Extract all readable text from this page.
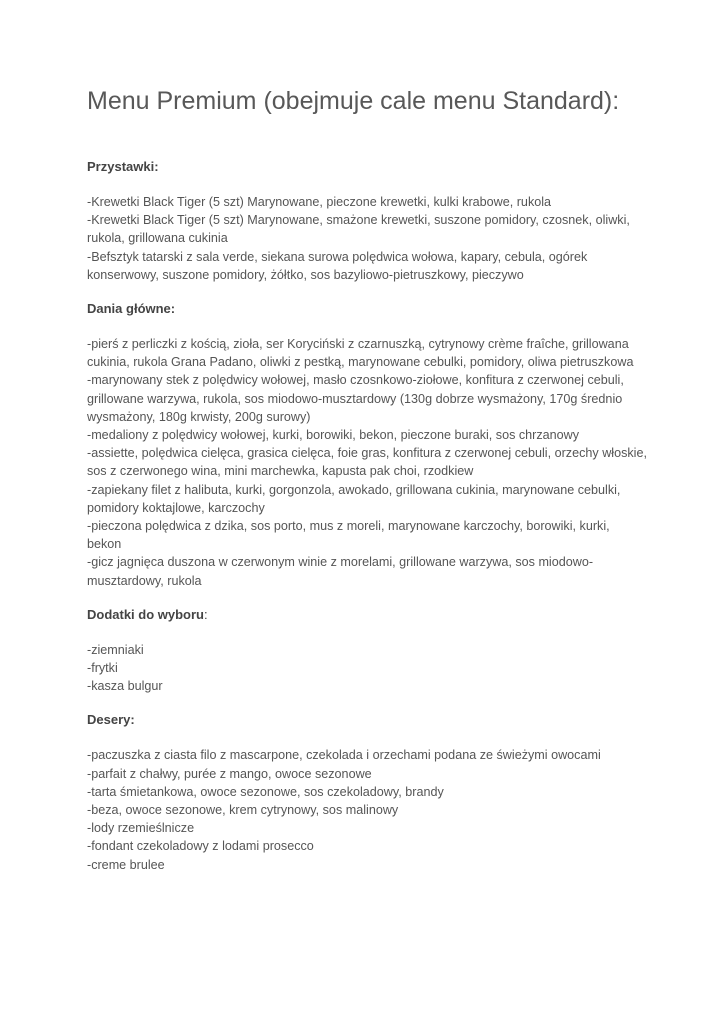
Menu Premium (obejmuje cale menu Standard):
Przystawki:
-Krewetki Black Tiger (5 szt) Marynowane, pieczone krewetki, kulki krabowe, rukola
-Krewetki Black Tiger (5 szt) Marynowane, smażone krewetki, suszone pomidory, czosnek, oliwki, rukola, grillowana cukinia
-Befsztyk tatarski z sala verde, siekana surowa polędwica wołowa, kapary, cebula, ogórek konserwowy, suszone pomidory, żółtko, sos bazyliowo-pietruszkowy, pieczywo
Dania główne:
-pierś z perliczki z kością, zioła, ser Koryciński z czarnuszką, cytrynowy crème fraîche, grillowana cukinia, rukola Grana Padano, oliwki z pestką, marynowane cebulki, pomidory, oliwa pietruszkowa
-marynowany stek z polędwicy wołowej, masło czosnkowo-ziołowe, konfitura z czerwonej cebuli, grillowane warzywa, rukola, sos miodowo-musztardowy (130g dobrze wysmażony, 170g średnio wysmażony, 180g krwisty, 200g surowy)
-medaliony z polędwicy wołowej, kurki, borowiki, bekon, pieczone buraki, sos chrzanowy
-assiette, polędwica cielęca, grasica cielęca, foie gras, konfitura z czerwonej cebuli, orzechy włoskie, sos z czerwonego wina, mini marchewka, kapusta pak choi, rzodkiew
-zapiekany filet z halibuta, kurki, gorgonzola, awokado, grillowana cukinia, marynowane cebulki, pomidory koktajlowe, karczochy
-pieczona polędwica z dzika, sos porto, mus z moreli, marynowane karczochy, borowiki, kurki, bekon
-gicz jagnięca duszona w czerwonym winie z morelami, grillowane warzywa, sos miodowo-musztardowy, rukola
Dodatki do wyboru:
-ziemniaki
-frytki
-kasza bulgur
Desery:
-paczuszka z ciasta filo z mascarpone, czekolada i orzechami podana ze świeżymi owocami
-parfait z chałwy, purée z mango, owoce sezonowe
-tarta śmietankowa, owoce sezonowe, sos czekoladowy, brandy
-beza, owoce sezonowe, krem cytrynowy, sos malinowy
-lody rzemieślnicze
-fondant czekoladowy z lodami prosecco
-creme brulee
